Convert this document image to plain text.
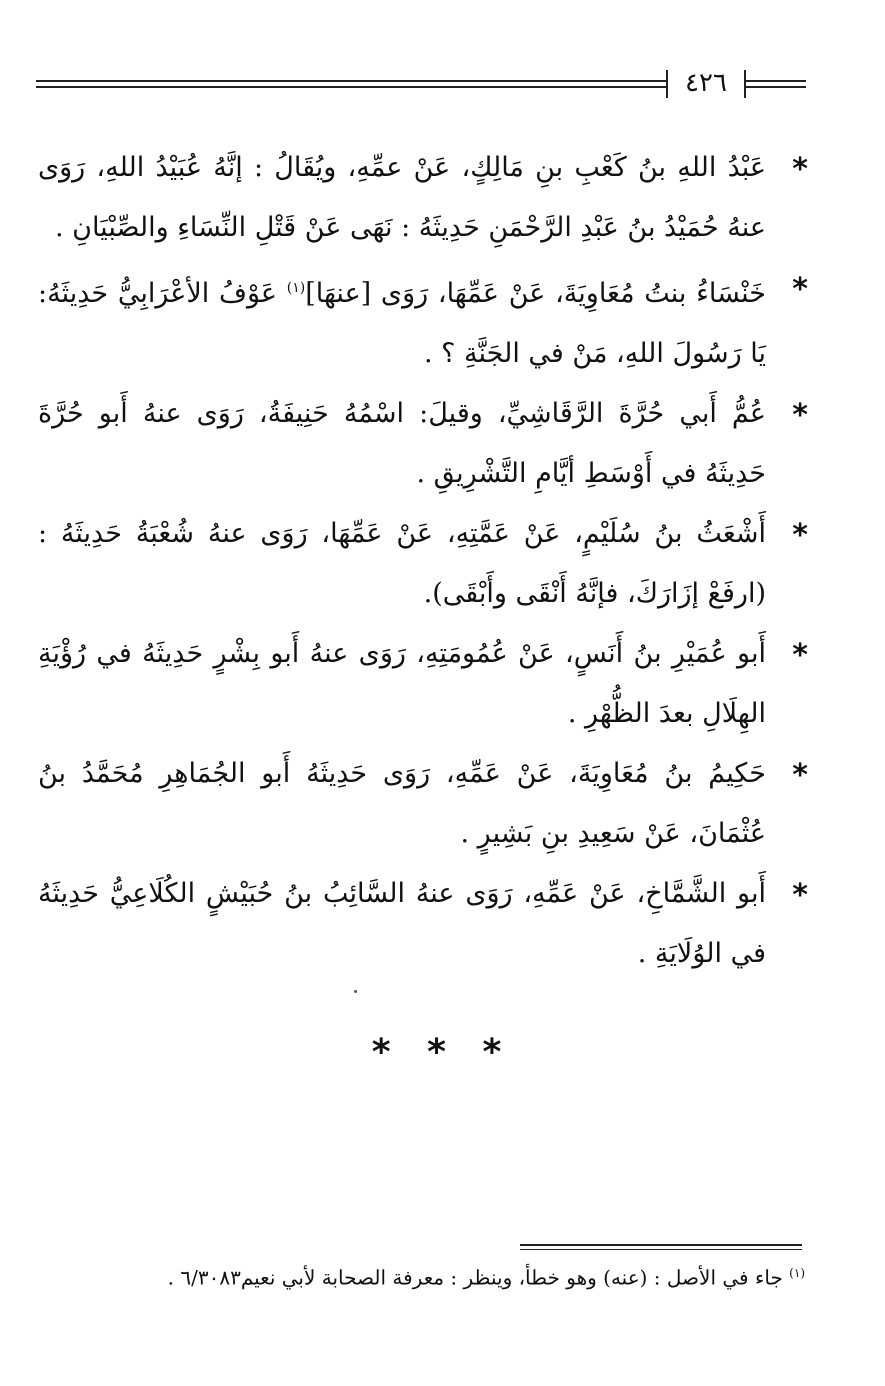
٤٢٦
*
عَبْدُ اللهِ بنُ كَعْبِ بنِ مَالِكٍ، عَنْ عمِّهِ، ويُقَالُ : إنَّهُ عُبَيْدُ اللهِ، رَوَى عنهُ حُمَيْدُ بنُ عَبْدِ الرَّحْمَنِ حَدِيثَهُ : نَهَى عَنْ قَتْلِ النِّسَاءِ والصِّبْيَانِ .
*
خَنْسَاءُ بنتُ مُعَاوِيَةَ، عَنْ عَمِّهَا، رَوَى [عنهَا]$^{(١)}$ عَوْفُ الأعْرَابِيُّ حَدِيثَهُ: يَا رَسُولَ اللهِ، مَنْ في الجَنَّةِ ؟ .
*
عُمُّ أَبي حُرَّةَ الرَّقَاشِيِّ، وقيلَ: اسْمُهُ حَنِيفَةُ، رَوَى عنهُ أَبو حُرَّةَ حَدِيثَهُ في أَوْسَطِ أيَّامِ التَّشْرِيقِ .
*
أَشْعَثُ بنُ سُلَيْمٍ، عَنْ عَمَّتِهِ، عَنْ عَمِّهَا، رَوَى عنهُ شُعْبَةُ حَدِيثَهُ : (ارفَعْ إزَارَكَ، فإنَّهُ أَنْقَى وأَبْقَى).
*
أَبو عُمَيْرِ بنُ أَنَسٍ، عَنْ عُمُومَتِهِ، رَوَى عنهُ أَبو بِشْرٍ حَدِيثَهُ في رُؤْيَةِ الهِلَالِ بعدَ الظُّهْرِ .
*
حَكِيمُ بنُ مُعَاوِيَةَ، عَنْ عَمِّهِ، رَوَى حَدِيثَهُ أَبو الجُمَاهِرِ مُحَمَّدُ بنُ عُثْمَانَ، عَنْ سَعِيدِ بنِ بَشِيرٍ .
*
أَبو الشَّمَّاخِ، عَنْ عَمِّهِ، رَوَى عنهُ السَّائِبُ بنُ حُبَيْشٍ الكُلَاعِيُّ حَدِيثَهُ في الوُلَايَةِ .
* * *
$^{(١)}$ جاء في الأصل : (عنه) وهو خطأ، وينظر : معرفة الصحابة لأبي نعيم٦/٣٠٨٣ .
